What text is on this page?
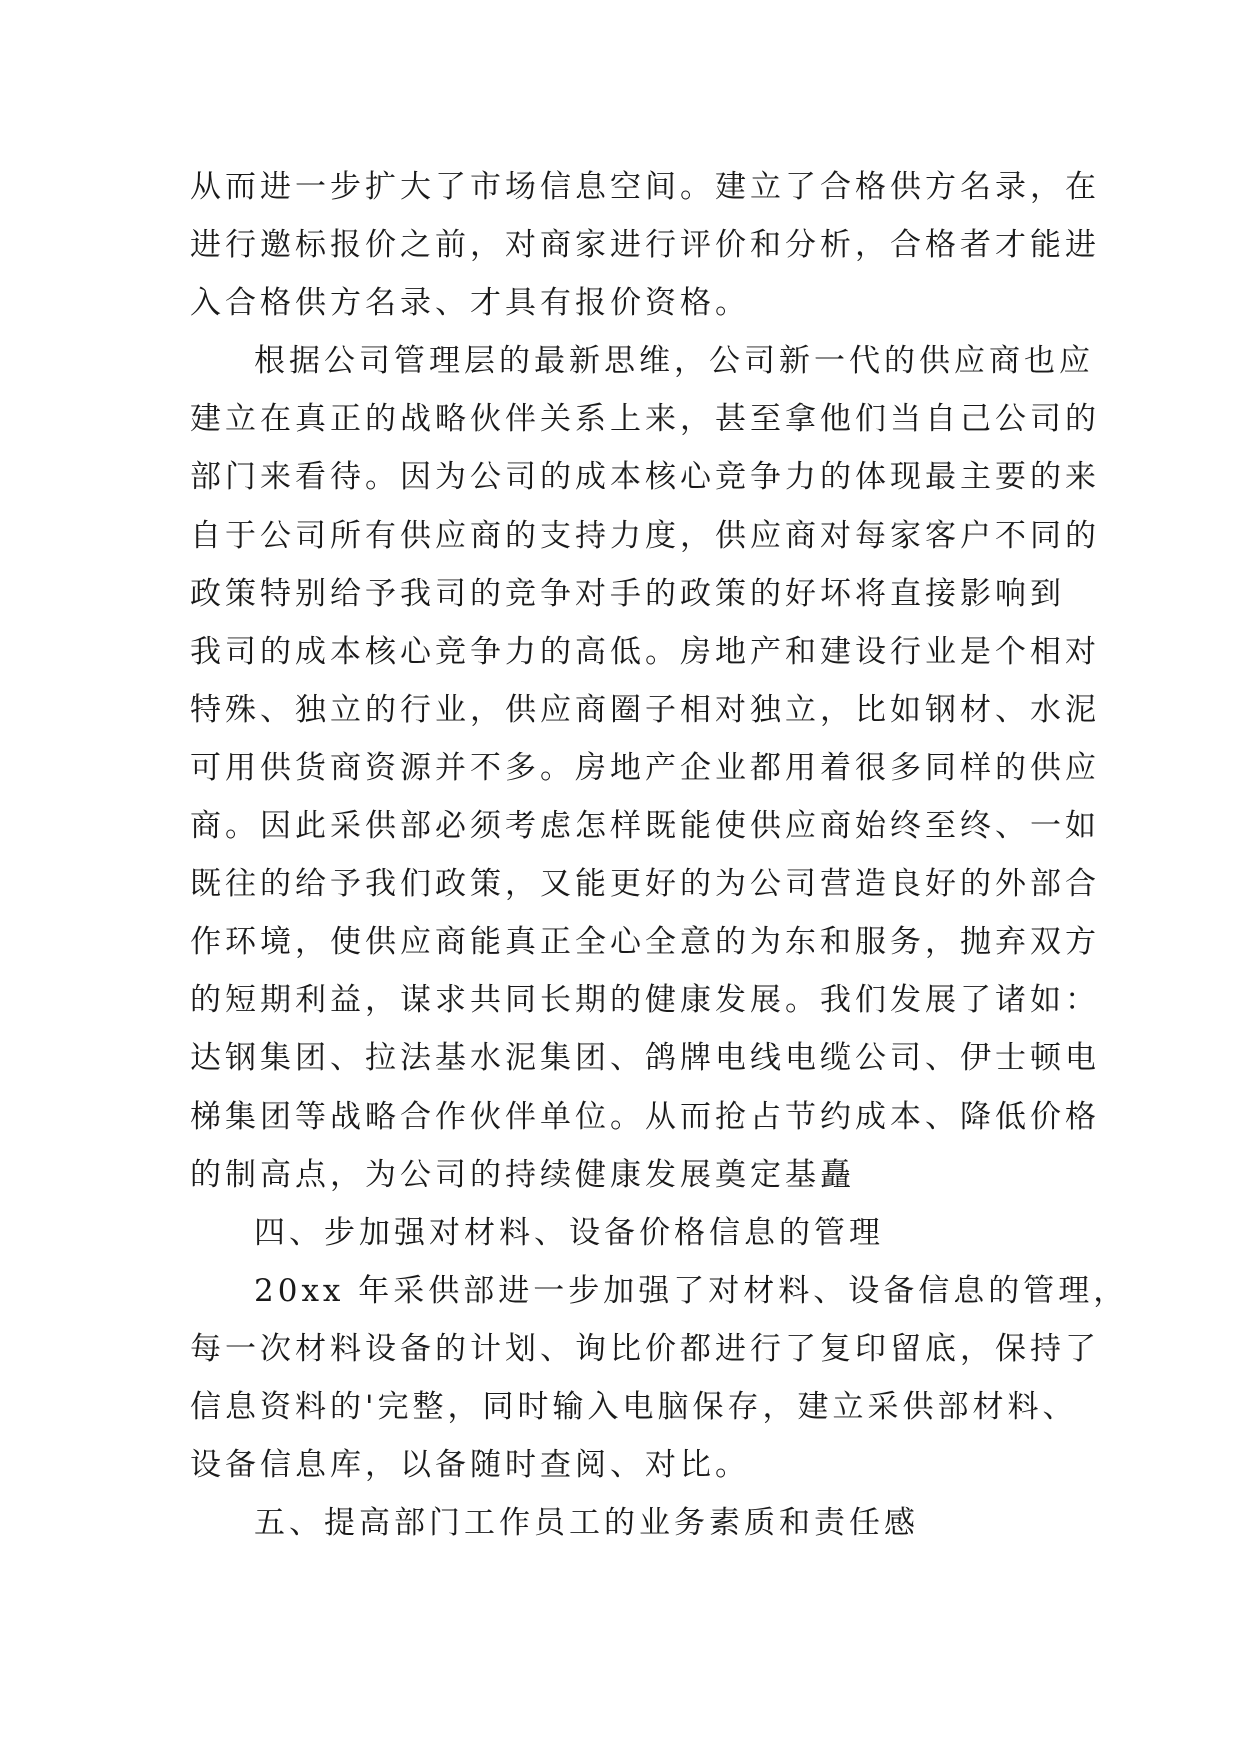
从而进一步扩大了市场信息空间。建立了合格供方名录，在
进行邀标报价之前，对商家进行评价和分析，合格者才能进
入合格供方名录、才具有报价资格。
根据公司管理层的最新思维，公司新一代的供应商也应
建立在真正的战略伙伴关系上来，甚至拿他们当自己公司的
部门来看待。因为公司的成本核心竞争力的体现最主要的来
自于公司所有供应商的支持力度，供应商对每家客户不同的
政策特别给予我司的竞争对手的政策的好坏将直接影响到
我司的成本核心竞争力的高低。房地产和建设行业是个相对
特殊、独立的行业，供应商圈子相对独立，比如钢材、水泥
可用供货商资源并不多。房地产企业都用着很多同样的供应
商。因此采供部必须考虑怎样既能使供应商始终至终、一如
既往的给予我们政策，又能更好的为公司营造良好的外部合
作环境，使供应商能真正全心全意的为东和服务，抛弃双方
的短期利益，谋求共同长期的健康发展。我们发展了诸如：
达钢集团、拉法基水泥集团、鸽牌电线电缆公司、伊士顿电
梯集团等战略合作伙伴单位。从而抢占节约成本、降低价格
的制高点，为公司的持续健康发展奠定基矗
四、步加强对材料、设备价格信息的管理
20xx 年采供部进一步加强了对材料、设备信息的管理，
每一次材料设备的计划、询比价都进行了复印留底，保持了
信息资料的'完整，同时输入电脑保存，建立采供部材料、
设备信息库，以备随时查阅、对比。
五、提高部门工作员工的业务素质和责任感
